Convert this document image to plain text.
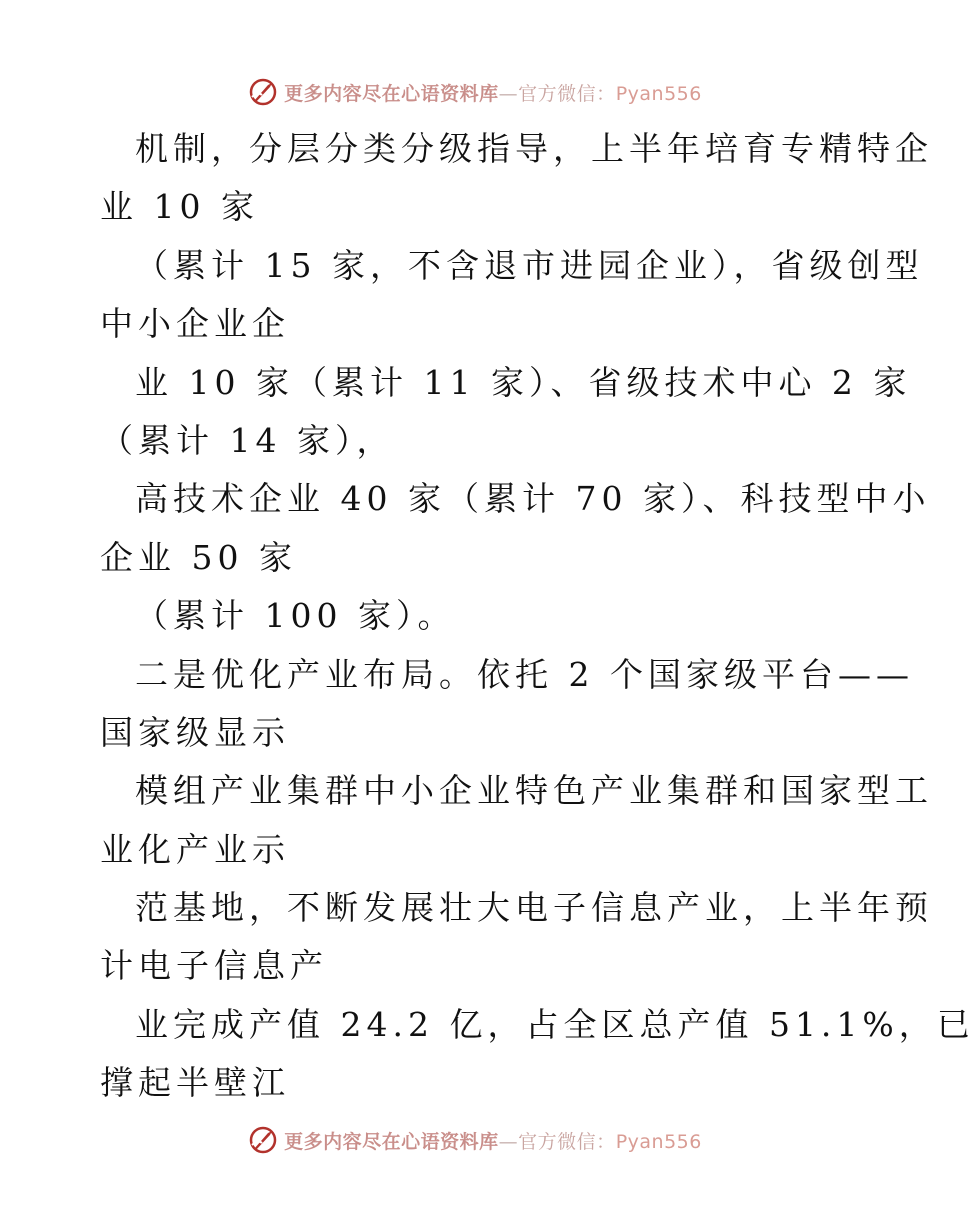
更多内容尽在心语资料库—官方微信：Pyan556
机制，分层分类分级指导，上半年培育专精特企
业 10 家
（累计 15 家，不含退市进园企业），省级创型
中小企业企
业 10 家（累计 11 家）、省级技术中心 2 家
（累计 14 家），
高技术企业 40 家（累计 70 家）、科技型中小
企业 50 家
（累计 100 家）。
二是优化产业布局。依托 2 个国家级平台——
国家级显示
模组产业集群中小企业特色产业集群和国家型工
业化产业示
范基地，不断发展壮大电子信息产业，上半年预
计电子信息产
业完成产值 24.2 亿，占全区总产值 51.1%，已
撑起半壁江
更多内容尽在心语资料库—官方微信：Pyan556
